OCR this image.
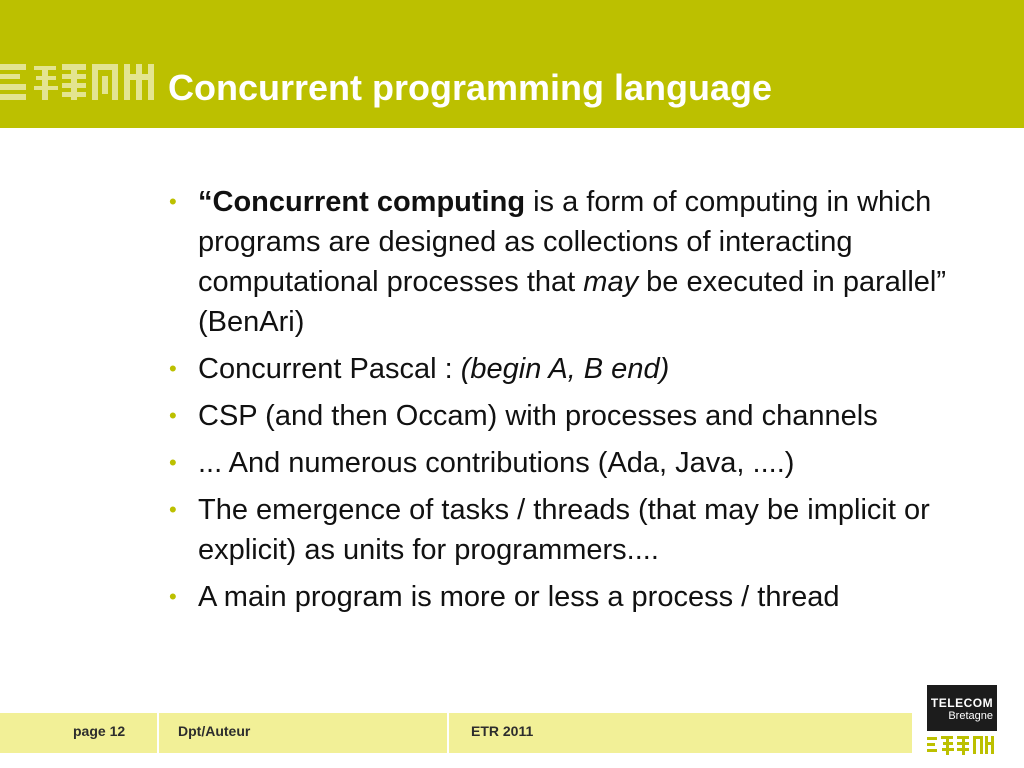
Concurrent programming language
• “Concurrent computing is a form of computing in which programs are designed as collections of interacting computational processes that may be executed in parallel” (BenAri)
• Concurrent Pascal : (begin A, B end)
• CSP (and then Occam) with processes and channels
• ... And numerous contributions (Ada, Java, ....)
• The emergence of tasks / threads (that may be implicit or explicit) as units for programmers....
• A main program is more or less a process / thread
page 12	Dpt/Auteur	ETR 2011
TELECOM
Bretagne
